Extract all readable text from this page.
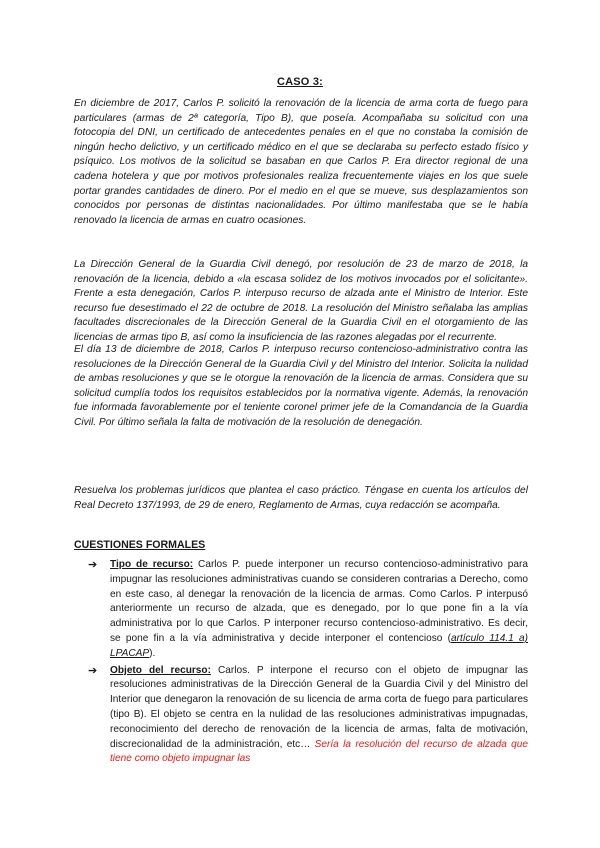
CASO 3:

En diciembre de 2017, Carlos P. solicitó la renovación de la licencia de arma corta de fuego para particulares (armas de 2ª categoría, Tipo B), que poseía. Acompañaba su solicitud con una fotocopia del DNI, un certificado de antecedentes penales en el que no constaba la comisión de ningún hecho delictivo, y un certificado médico en el que se declaraba su perfecto estado físico y psíquico. Los motivos de la solicitud se basaban en que Carlos P. Era director regional de una cadena hotelera y que por motivos profesionales realiza frecuentemente viajes en los que suele portar grandes cantidades de dinero. Por el medio en el que se mueve, sus desplazamientos son conocidos por personas de distintas nacionalidades. Por último manifestaba que se le había renovado la licencia de armas en cuatro ocasiones.

La Dirección General de la Guardia Civil denegó, por resolución de 23 de marzo de 2018, la renovación de la licencia, debido a «la escasa solidez de los motivos invocados por el solicitante». Frente a esta denegación, Carlos P. interpuso recurso de alzada ante el Ministro de Interior. Este recurso fue desestimado el 22 de octubre de 2018. La resolución del Ministro señalaba las amplias facultades discrecionales de la Dirección General de la Guardia Civil en el otorgamiento de las licencias de armas tipo B, así como la insuficiencia de las razones alegadas por el recurrente.

El día 13 de diciembre de 2018, Carlos P. interpuso recurso contencioso-administrativo contra las resoluciones de la Dirección General de la Guardia Civil y del Ministro del Interior. Solicita la nulidad de ambas resoluciones y que se le otorgue la renovación de la licencia de armas. Considera que su solicitud cumplía todos los requisitos establecidos por la normativa vigente. Además, la renovación fue informada favorablemente por el teniente coronel primer jefe de la Comandancia de la Guardia Civil. Por último señala la falta de motivación de la resolución de denegación.

Resuelva los problemas jurídicos que plantea el caso práctico. Téngase en cuenta los artículos del Real Decreto 137/1993, de 29 de enero, Reglamento de Armas, cuya redacción se acompaña.

CUESTIONES FORMALES
➔ Tipo de recurso: Carlos P. puede interponer un recurso contencioso-administrativo para impugnar las resoluciones administrativas cuando se consideren contrarias a Derecho, como en este caso, al denegar la renovación de la licencia de armas. Como Carlos. P interpusó anteriormente un recurso de alzada, que es denegado, por lo que pone fin a la vía administrativa por lo que Carlos. P interponer recurso contencioso-administrativo. Es decir, se pone fin a la vía administrativa y decide interponer el contencioso (artículo 114.1 a) LPACAP).
➔ Objeto del recurso: Carlos. P interpone el recurso con el objeto de impugnar las resoluciones administrativas de la Dirección General de la Guardia Civil y del Ministro del Interior que denegaron la renovación de su licencia de arma corta de fuego para particulares (tipo B). El objeto se centra en la nulidad de las resoluciones administrativas impugnadas, reconocimiento del derecho de renovación de la licencia de armas, falta de motivación, discrecionalidad de la administración, etc… Sería la resolución del recurso de alzada que tiene como objeto impugnar las
